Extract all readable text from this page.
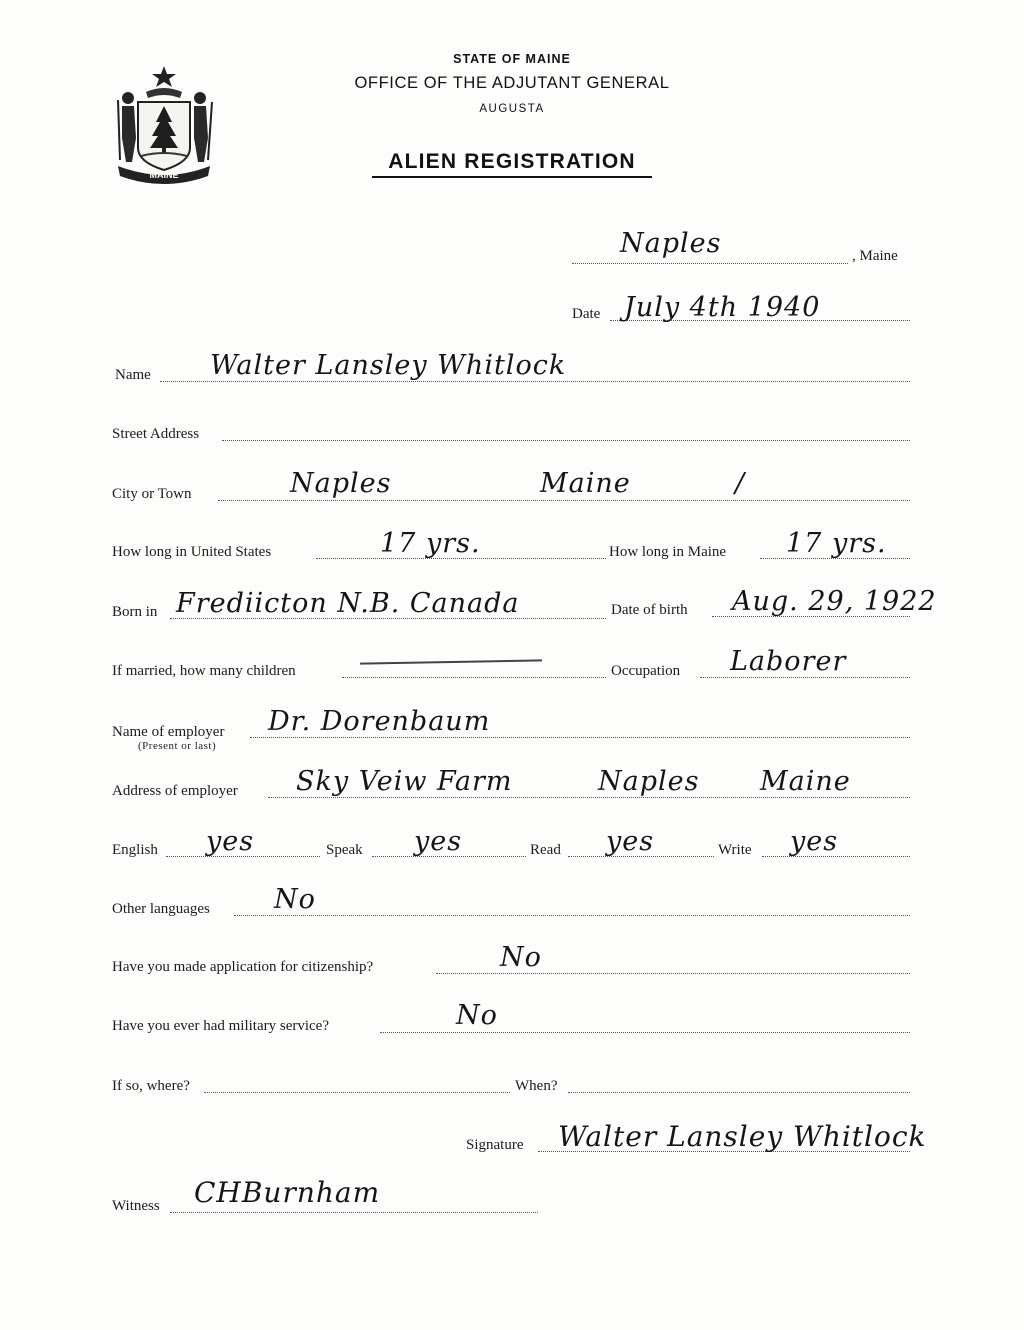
MAINE
STATE OF MAINE
OFFICE OF THE ADJUTANT GENERAL
AUGUSTA
ALIEN REGISTRATION
Naples	, Maine
Date July 4th 1940
Name Walter Lansley Whitlock
Street Address
City or Town	Naples	Maine	/
How long in United States	17 yrs.	How long in Maine 17 yrs.
Born in Frediicton N.B. Canada	Date of birth Aug. 29, 1922
If married, how many children	Occupation Laborer
Name of employer
(Present or last)
Dr. Dorenbaum
Address of employer Sky Veiw Farm	Naples Maine
English yes	Speak yes	Read yes	Write yes
Other languages No
Have you made application for citizenship?	No
Have you ever had military service?	No
If so, where?	When?
Signature Walter Lansley Whitlock
Witness CHBurnham
